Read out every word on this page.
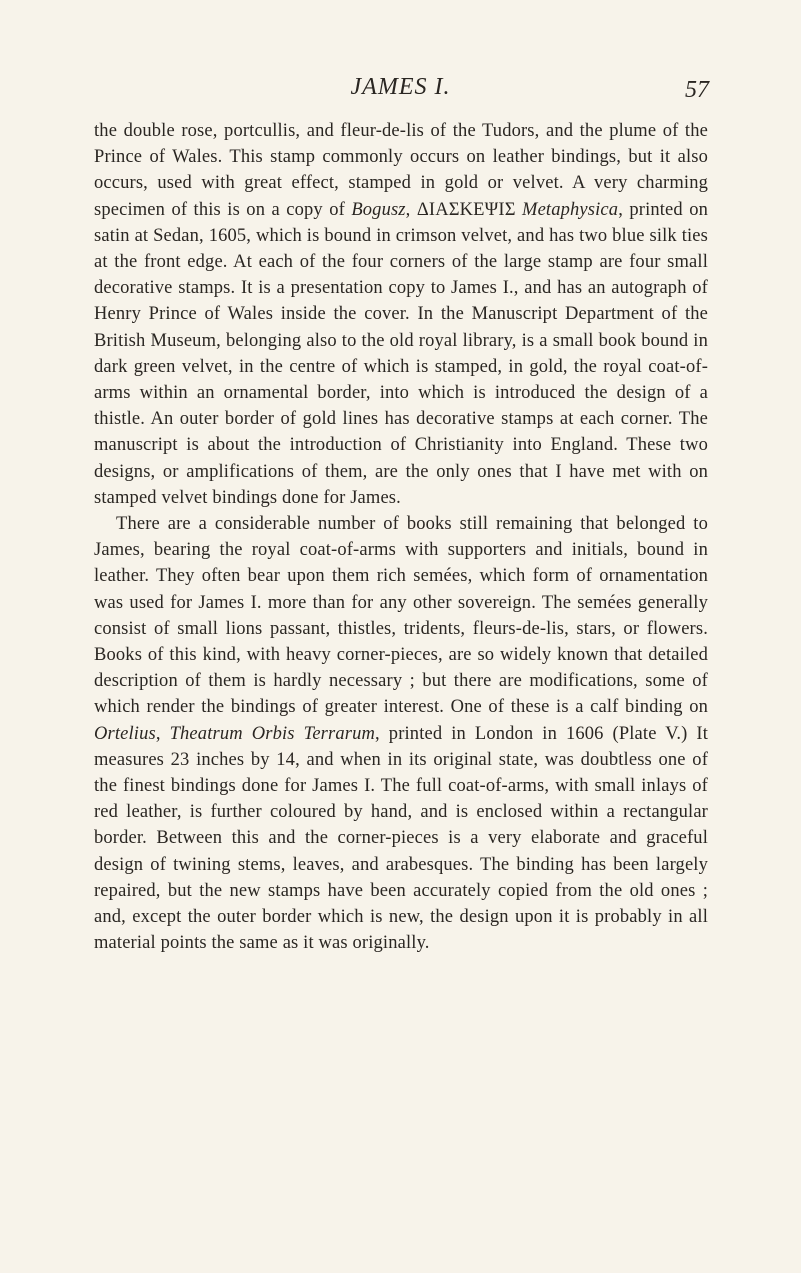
JAMES I.	57

the double rose, portcullis, and fleur-de-lis of the Tudors, and the plume of the Prince of Wales. This stamp commonly occurs on leather bindings, but it also occurs, used with great effect, stamped in gold or velvet. A very charming specimen of this is on a copy of Bogusz, ΔΙΑΣΚΕΨΙΣ Metaphysica, printed on satin at Sedan, 1605, which is bound in crimson velvet, and has two blue silk ties at the front edge. At each of the four corners of the large stamp are four small decorative stamps. It is a presentation copy to James I., and has an autograph of Henry Prince of Wales inside the cover. In the Manuscript Department of the British Museum, belonging also to the old royal library, is a small book bound in dark green velvet, in the centre of which is stamped, in gold, the royal coat-of-arms within an ornamental border, into which is introduced the design of a thistle. An outer border of gold lines has decorative stamps at each corner. The manuscript is about the introduction of Christianity into England. These two designs, or amplifications of them, are the only ones that I have met with on stamped velvet bindings done for James.

There are a considerable number of books still remaining that belonged to James, bearing the royal coat-of-arms with supporters and initials, bound in leather. They often bear upon them rich semées, which form of ornamentation was used for James I. more than for any other sovereign. The semées generally consist of small lions passant, thistles, tridents, fleurs-de-lis, stars, or flowers. Books of this kind, with heavy corner-pieces, are so widely known that detailed description of them is hardly necessary ; but there are modifications, some of which render the bindings of greater interest. One of these is a calf binding on Ortelius, Theatrum Orbis Terrarum, printed in London in 1606 (Plate V.) It measures 23 inches by 14, and when in its original state, was doubtless one of the finest bindings done for James I. The full coat-of-arms, with small inlays of red leather, is further coloured by hand, and is enclosed within a rectangular border. Between this and the corner-pieces is a very elaborate and graceful design of twining stems, leaves, and arabesques. The binding has been largely repaired, but the new stamps have been accurately copied from the old ones ; and, except the outer border which is new, the design upon it is probably in all material points the same as it was originally.
